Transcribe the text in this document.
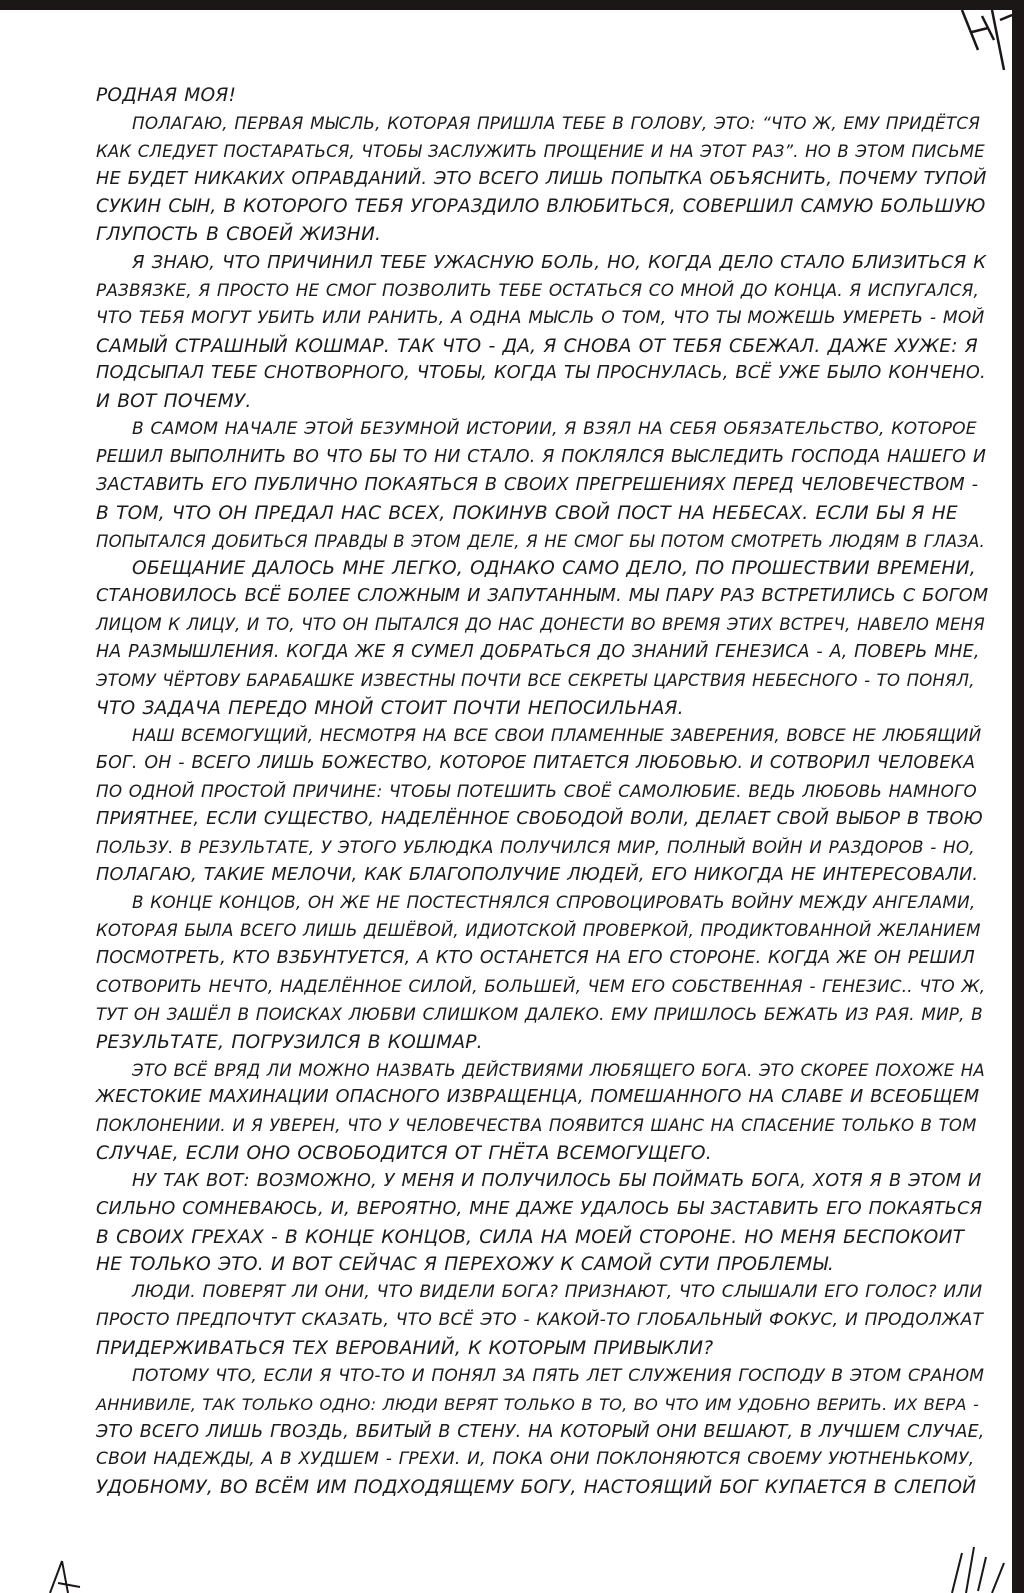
РОДНАЯ МОЯ!
ПОЛАГАЮ, ПЕРВАЯ МЫСЛЬ, КОТОРАЯ ПРИШЛА ТЕБЕ В ГОЛОВУ, ЭТО: “ЧТО Ж, ЕМУ ПРИДЁТСЯ
КАК СЛЕДУЕТ ПОСТАРАТЬСЯ, ЧТОБЫ ЗАСЛУЖИТЬ ПРОЩЕНИЕ И НА ЭТОТ РАЗ”. НО В ЭТОМ ПИСЬМЕ
НЕ БУДЕТ НИКАКИХ ОПРАВДАНИЙ. ЭТО ВСЕГО ЛИШЬ ПОПЫТКА ОБЪЯСНИТЬ, ПОЧЕМУ ТУПОЙ
СУКИН СЫН, В КОТОРОГО ТЕБЯ УГОРАЗДИЛО ВЛЮБИТЬСЯ, СОВЕРШИЛ САМУЮ БОЛЬШУЮ
ГЛУПОСТЬ В СВОЕЙ ЖИЗНИ.
Я ЗНАЮ, ЧТО ПРИЧИНИЛ ТЕБЕ УЖАСНУЮ БОЛЬ, НО, КОГДА ДЕЛО СТАЛО БЛИЗИТЬСЯ К
РАЗВЯЗКЕ, Я ПРОСТО НЕ СМОГ ПОЗВОЛИТЬ ТЕБЕ ОСТАТЬСЯ СО МНОЙ ДО КОНЦА. Я ИСПУГАЛСЯ,
ЧТО ТЕБЯ МОГУТ УБИТЬ ИЛИ РАНИТЬ, А ОДНА МЫСЛЬ О ТОМ, ЧТО ТЫ МОЖЕШЬ УМЕРЕТЬ - МОЙ
САМЫЙ СТРАШНЫЙ КОШМАР. ТАК ЧТО - ДА, Я СНОВА ОТ ТЕБЯ СБЕЖАЛ. ДАЖЕ ХУЖЕ: Я
ПОДСЫПАЛ ТЕБЕ СНОТВОРНОГО, ЧТОБЫ, КОГДА ТЫ ПРОСНУЛАСЬ, ВСЁ УЖЕ БЫЛО КОНЧЕНО.
И ВОТ ПОЧЕМУ.
В САМОМ НАЧАЛЕ ЭТОЙ БЕЗУМНОЙ ИСТОРИИ, Я ВЗЯЛ НА СЕБЯ ОБЯЗАТЕЛЬСТВО, КОТОРОЕ
РЕШИЛ ВЫПОЛНИТЬ ВО ЧТО БЫ ТО НИ СТАЛО. Я ПОКЛЯЛСЯ ВЫСЛЕДИТЬ ГОСПОДА НАШЕГО И
ЗАСТАВИТЬ ЕГО ПУБЛИЧНО ПОКАЯТЬСЯ В СВОИХ ПРЕГРЕШЕНИЯХ ПЕРЕД ЧЕЛОВЕЧЕСТВОМ -
В ТОМ, ЧТО ОН ПРЕДАЛ НАС ВСЕХ, ПОКИНУВ СВОЙ ПОСТ НА НЕБЕСАХ. ЕСЛИ БЫ Я НЕ
ПОПЫТАЛСЯ ДОБИТЬСЯ ПРАВДЫ В ЭТОМ ДЕЛЕ, Я НЕ СМОГ БЫ ПОТОМ СМОТРЕТЬ ЛЮДЯМ В ГЛАЗА.
ОБЕЩАНИЕ ДАЛОСЬ МНЕ ЛЕГКО, ОДНАКО САМО ДЕЛО, ПО ПРОШЕСТВИИ ВРЕМЕНИ,
СТАНОВИЛОСЬ ВСЁ БОЛЕЕ СЛОЖНЫМ И ЗАПУТАННЫМ. МЫ ПАРУ РАЗ ВСТРЕТИЛИСЬ С БОГОМ
ЛИЦОМ К ЛИЦУ, И ТО, ЧТО ОН ПЫТАЛСЯ ДО НАС ДОНЕСТИ ВО ВРЕМЯ ЭТИХ ВСТРЕЧ, НАВЕЛО МЕНЯ
НА РАЗМЫШЛЕНИЯ. КОГДА ЖЕ Я СУМЕЛ ДОБРАТЬСЯ ДО ЗНАНИЙ ГЕНЕЗИСА - А, ПОВЕРЬ МНЕ,
ЭТОМУ ЧЁРТОВУ БАРАБАШКЕ ИЗВЕСТНЫ ПОЧТИ ВСЕ СЕКРЕТЫ ЦАРСТВИЯ НЕБЕСНОГО - ТО ПОНЯЛ,
ЧТО ЗАДАЧА ПЕРЕДО МНОЙ СТОИТ ПОЧТИ НЕПОСИЛЬНАЯ.
НАШ ВСЕМОГУЩИЙ, НЕСМОТРЯ НА ВСЕ СВОИ ПЛАМЕННЫЕ ЗАВЕРЕНИЯ, ВОВСЕ НЕ ЛЮБЯЩИЙ
БОГ. ОН - ВСЕГО ЛИШЬ БОЖЕСТВО, КОТОРОЕ ПИТАЕТСЯ ЛЮБОВЬЮ. И СОТВОРИЛ ЧЕЛОВЕКА
ПО ОДНОЙ ПРОСТОЙ ПРИЧИНЕ: ЧТОБЫ ПОТЕШИТЬ СВОЁ САМОЛЮБИЕ. ВЕДЬ ЛЮБОВЬ НАМНОГО
ПРИЯТНЕЕ, ЕСЛИ СУЩЕСТВО, НАДЕЛЁННОЕ СВОБОДОЙ ВОЛИ, ДЕЛАЕТ СВОЙ ВЫБОР В ТВОЮ
ПОЛЬЗУ. В РЕЗУЛЬТАТЕ, У ЭТОГО УБЛЮДКА ПОЛУЧИЛСЯ МИР, ПОЛНЫЙ ВОЙН И РАЗДОРОВ - НО,
ПОЛАГАЮ, ТАКИЕ МЕЛОЧИ, КАК БЛАГОПОЛУЧИЕ ЛЮДЕЙ, ЕГО НИКОГДА НЕ ИНТЕРЕСОВАЛИ.
В КОНЦЕ КОНЦОВ, ОН ЖЕ НЕ ПОСТЕСТНЯЛСЯ СПРОВОЦИРОВАТЬ ВОЙНУ МЕЖДУ АНГЕЛАМИ,
КОТОРАЯ БЫЛА ВСЕГО ЛИШЬ ДЕШЁВОЙ, ИДИОТСКОЙ ПРОВЕРКОЙ, ПРОДИКТОВАННОЙ ЖЕЛАНИЕМ
ПОСМОТРЕТЬ, КТО ВЗБУНТУЕТСЯ, А КТО ОСТАНЕТСЯ НА ЕГО СТОРОНЕ. КОГДА ЖЕ ОН РЕШИЛ
СОТВОРИТЬ НЕЧТО, НАДЕЛЁННОЕ СИЛОЙ, БОЛЬШЕЙ, ЧЕМ ЕГО СОБСТВЕННАЯ - ГЕНЕЗИС.. ЧТО Ж,
ТУТ ОН ЗАШЁЛ В ПОИСКАХ ЛЮБВИ СЛИШКОМ ДАЛЕКО. ЕМУ ПРИШЛОСЬ БЕЖАТЬ ИЗ РАЯ. МИР, В
РЕЗУЛЬТАТЕ, ПОГРУЗИЛСЯ В КОШМАР.
ЭТО ВСЁ ВРЯД ЛИ МОЖНО НАЗВАТЬ ДЕЙСТВИЯМИ ЛЮБЯЩЕГО БОГА. ЭТО СКОРЕЕ ПОХОЖЕ НА
ЖЕСТОКИЕ МАХИНАЦИИ ОПАСНОГО ИЗВРАЩЕНЦА, ПОМЕШАННОГО НА СЛАВЕ И ВСЕОБЩЕМ
ПОКЛОНЕНИИ. И Я УВЕРЕН, ЧТО У ЧЕЛОВЕЧЕСТВА ПОЯВИТСЯ ШАНС НА СПАСЕНИЕ ТОЛЬКО В ТОМ
СЛУЧАЕ, ЕСЛИ ОНО ОСВОБОДИТСЯ ОТ ГНЁТА ВСЕМОГУЩЕГО.
НУ ТАК ВОТ: ВОЗМОЖНО, У МЕНЯ И ПОЛУЧИЛОСЬ БЫ ПОЙМАТЬ БОГА, ХОТЯ Я В ЭТОМ И
СИЛЬНО СОМНЕВАЮСЬ, И, ВЕРОЯТНО, МНЕ ДАЖЕ УДАЛОСЬ БЫ ЗАСТАВИТЬ ЕГО ПОКАЯТЬСЯ
В СВОИХ ГРЕХАХ - В КОНЦЕ КОНЦОВ, СИЛА НА МОЕЙ СТОРОНЕ. НО МЕНЯ БЕСПОКОИТ
НЕ ТОЛЬКО ЭТО. И ВОТ СЕЙЧАС Я ПЕРЕХОЖУ К САМОЙ СУТИ ПРОБЛЕМЫ.
ЛЮДИ. ПОВЕРЯТ ЛИ ОНИ, ЧТО ВИДЕЛИ БОГА? ПРИЗНАЮТ, ЧТО СЛЫШАЛИ ЕГО ГОЛОС? ИЛИ
ПРОСТО ПРЕДПОЧТУТ СКАЗАТЬ, ЧТО ВСЁ ЭТО - КАКОЙ-ТО ГЛОБАЛЬНЫЙ ФОКУС, И ПРОДОЛЖАТ
ПРИДЕРЖИВАТЬСЯ ТЕХ ВЕРОВАНИЙ, К КОТОРЫМ ПРИВЫКЛИ?
ПОТОМУ ЧТО, ЕСЛИ Я ЧТО-ТО И ПОНЯЛ ЗА ПЯТЬ ЛЕТ СЛУЖЕНИЯ ГОСПОДУ В ЭТОМ СРАНОМ
АННИВИЛЕ, ТАК ТОЛЬКО ОДНО: ЛЮДИ ВЕРЯТ ТОЛЬКО В ТО, ВО ЧТО ИМ УДОБНО ВЕРИТЬ. ИХ ВЕРА -
ЭТО ВСЕГО ЛИШЬ ГВОЗДЬ, ВБИТЫЙ В СТЕНУ. НА КОТОРЫЙ ОНИ ВЕШАЮТ, В ЛУЧШЕМ СЛУЧАЕ,
СВОИ НАДЕЖДЫ, А В ХУДШЕМ - ГРЕХИ. И, ПОКА ОНИ ПОКЛОНЯЮТСЯ СВОЕМУ УЮТНЕНЬКОМУ,
УДОБНОМУ, ВО ВСЁМ ИМ ПОДХОДЯЩЕМУ БОГУ, НАСТОЯЩИЙ БОГ КУПАЕТСЯ В СЛЕПОЙ
